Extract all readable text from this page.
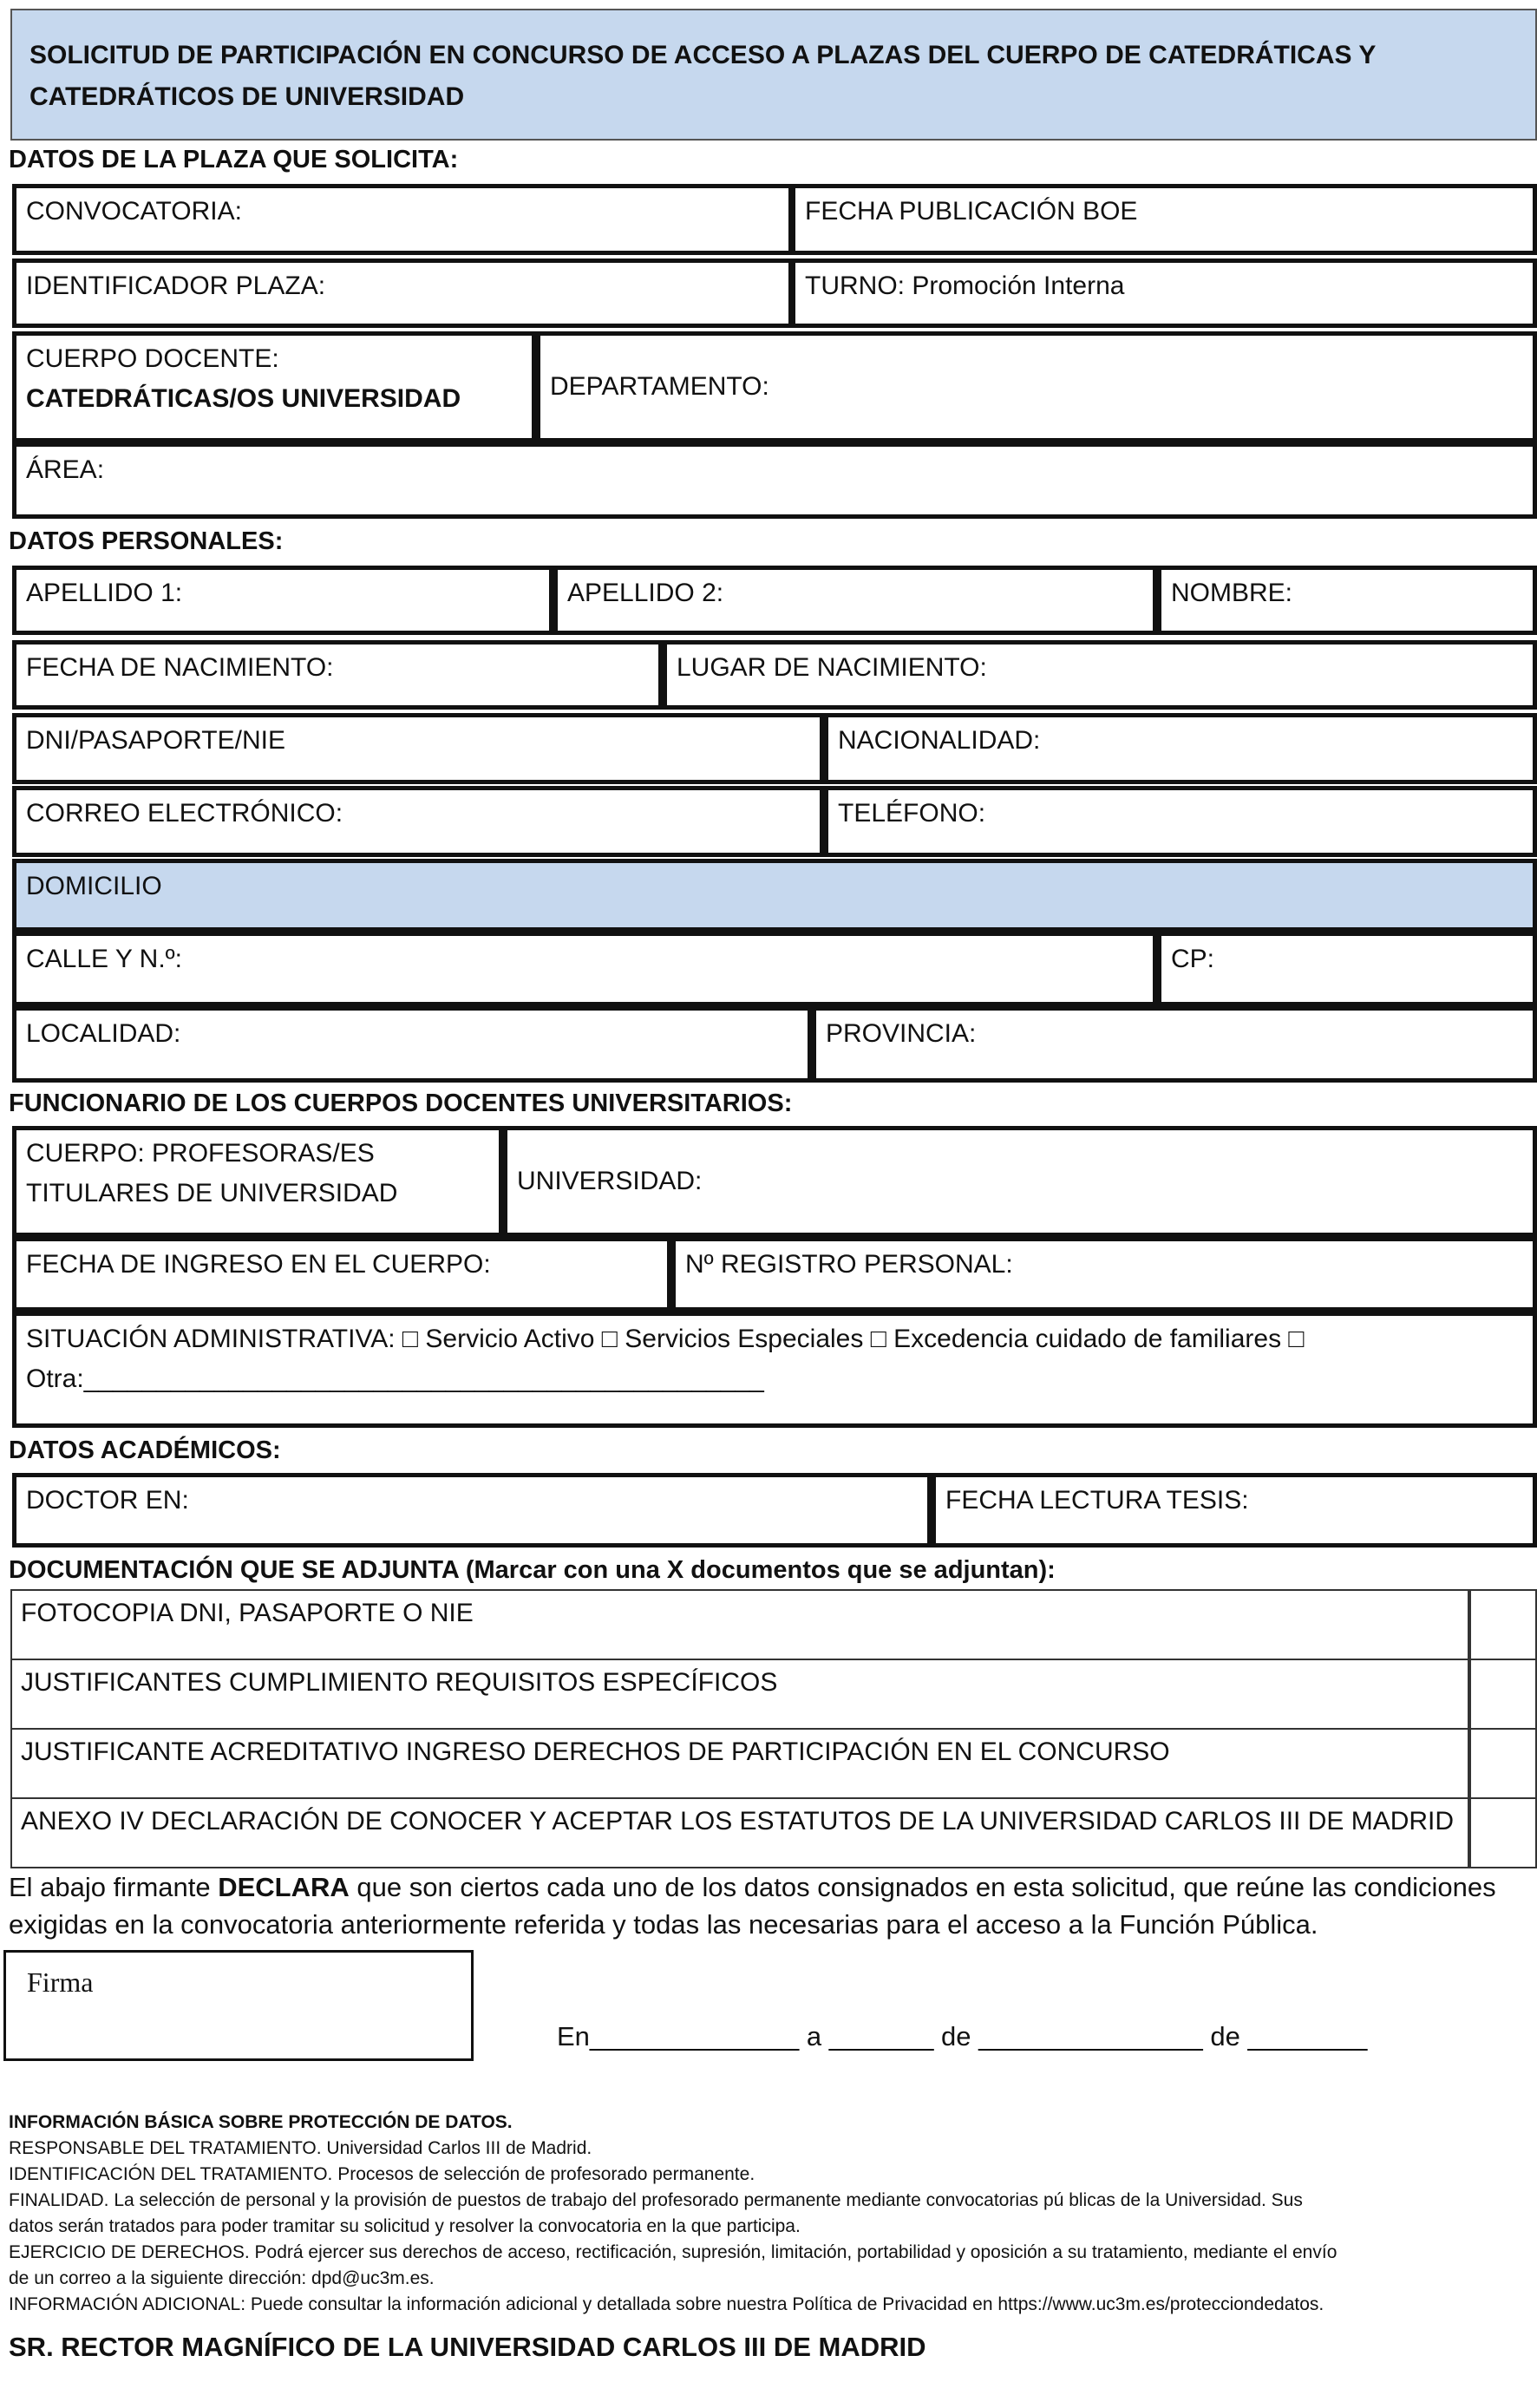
SOLICITUD DE PARTICIPACIÓN EN CONCURSO DE ACCESO A PLAZAS DEL CUERPO DE CATEDRÁTICAS Y CATEDRÁTICOS DE UNIVERSIDAD
DATOS DE LA PLAZA QUE SOLICITA:
CONVOCATORIA:	FECHA PUBLICACIÓN BOE
IDENTIFICADOR PLAZA:	TURNO: Promoción Interna
CUERPO DOCENTE: CATEDRÁTICAS/OS UNIVERSIDAD	DEPARTAMENTO:
ÁREA:
DATOS PERSONALES:
APELLIDO 1:	APELLIDO 2:	NOMBRE:
FECHA DE NACIMIENTO:	LUGAR DE NACIMIENTO:
DNI/PASAPORTE/NIE	NACIONALIDAD:
CORREO ELECTRÓNICO:	TELÉFONO:
DOMICILIO
CALLE Y N.º:	CP:
LOCALIDAD:	PROVINCIA:
FUNCIONARIO DE LOS CUERPOS DOCENTES UNIVERSITARIOS:
CUERPO: PROFESORAS/ES TITULARES DE UNIVERSIDAD	UNIVERSIDAD:
FECHA DE INGRESO EN EL CUERPO:	Nº REGISTRO PERSONAL:
SITUACIÓN ADMINISTRATIVA: □ Servicio Activo □ Servicios Especiales □ Excedencia cuidado de familiares □
Otra:_______________________________________________
DATOS ACADÉMICOS:
DOCTOR EN:	FECHA LECTURA TESIS:
DOCUMENTACIÓN QUE SE ADJUNTA (Marcar con una X documentos que se adjuntan):
FOTOCOPIA DNI, PASAPORTE O NIE
JUSTIFICANTES CUMPLIMIENTO REQUISITOS ESPECÍFICOS
JUSTIFICANTE ACREDITATIVO INGRESO DERECHOS DE PARTICIPACIÓN EN EL CONCURSO
ANEXO IV DECLARACIÓN DE CONOCER Y ACEPTAR LOS ESTATUTOS DE LA UNIVERSIDAD CARLOS III DE MADRID
El abajo firmante DECLARA que son ciertos cada uno de los datos consignados en esta solicitud, que reúne las condiciones exigidas en la convocatoria anteriormente referida y todas las necesarias para el acceso a la Función Pública.
Firma
En______________ a _______ de _______________ de ________
INFORMACIÓN BÁSICA SOBRE PROTECCIÓN DE DATOS.
RESPONSABLE DEL TRATAMIENTO. Universidad Carlos III de Madrid.
IDENTIFICACIÓN DEL TRATAMIENTO. Procesos de selección de profesorado permanente.
FINALIDAD. La selección de personal y la provisión de puestos de trabajo del profesorado permanente mediante convocatorias pú blicas de la Universidad. Sus
datos serán tratados para poder tramitar su solicitud y resolver la convocatoria en la que participa.
EJERCICIO DE DERECHOS. Podrá ejercer sus derechos de acceso, rectificación, supresión, limitación, portabilidad y oposición a su tratamiento, mediante el envío
de un correo a la siguiente dirección: dpd@uc3m.es.
INFORMACIÓN ADICIONAL: Puede consultar la información adicional y detallada sobre nuestra Política de Privacidad en https://www.uc3m.es/protecciondedatos.
SR. RECTOR MAGNÍFICO DE LA UNIVERSIDAD CARLOS III DE MADRID
